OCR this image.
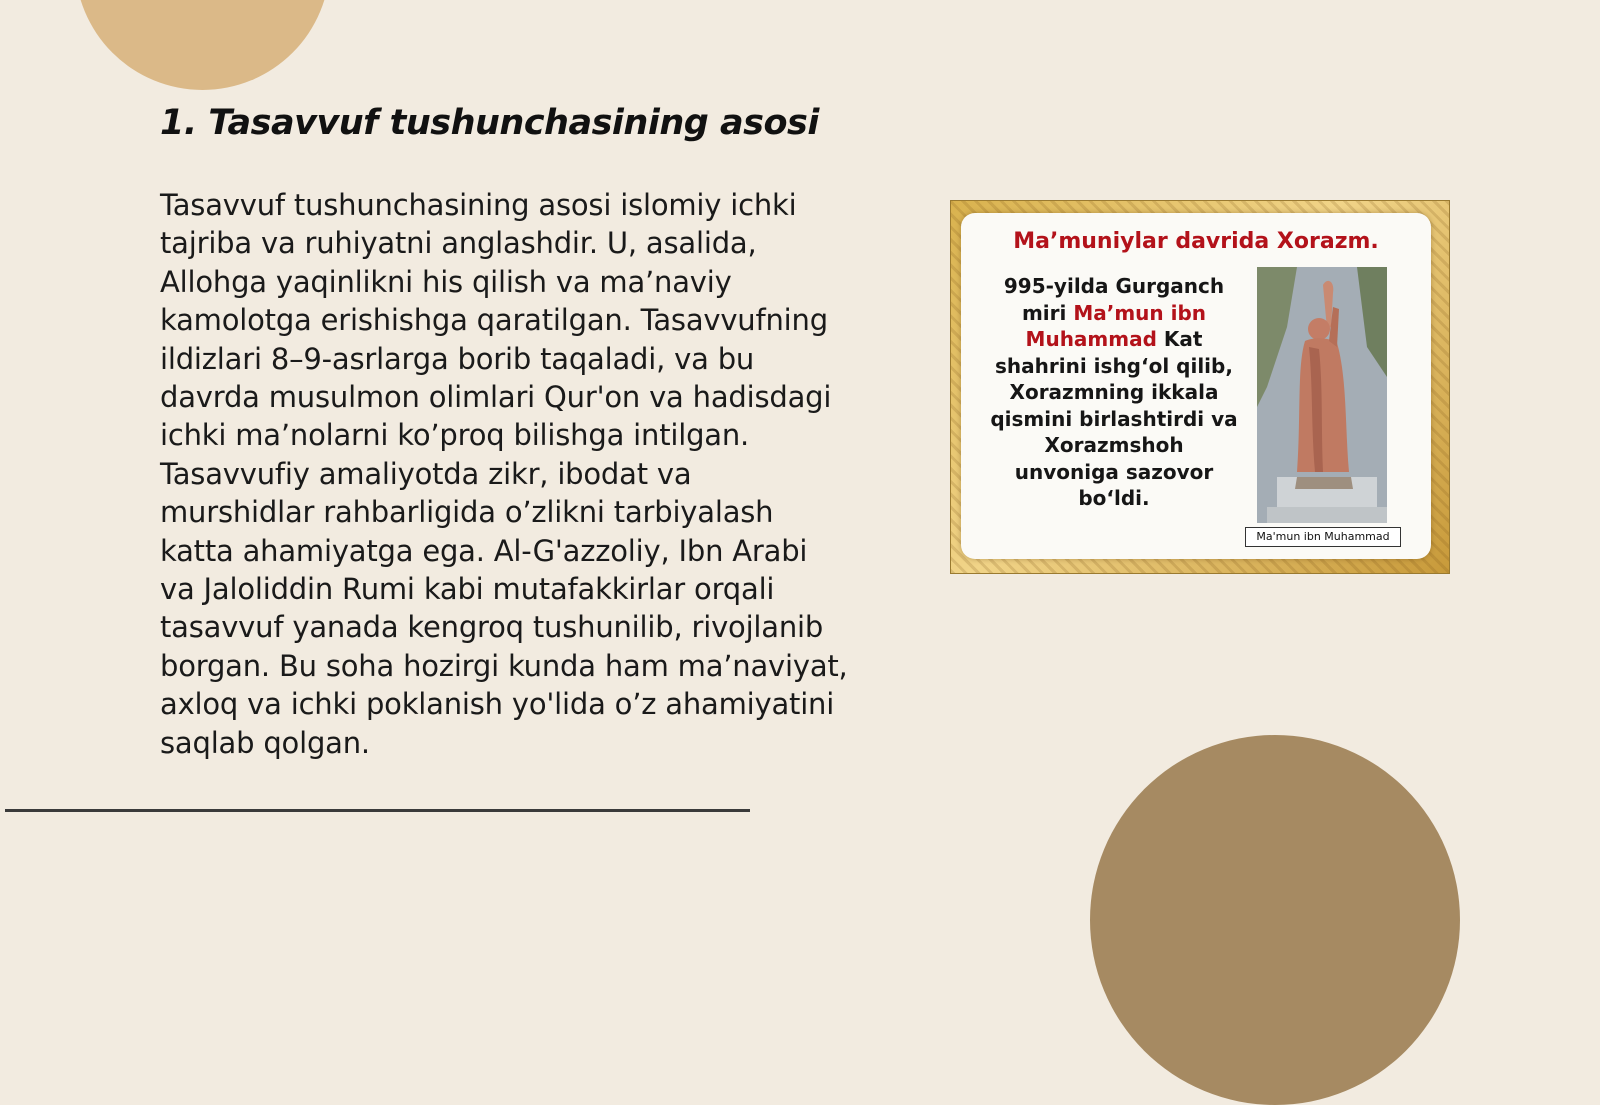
1. Tasavvuf tushunchasining asosi

Tasavvuf tushunchasining asosi islomiy ichki tajriba va ruhiyatni anglashdir. U, asalida, Allohga yaqinlikni his qilish va ma’naviy kamolotga erishishga qaratilgan. Tasavvufning ildizlari 8–9-asrlarga borib taqaladi, va bu davrda musulmon olimlari Qur'on va hadisdagi ichki ma’nolarni ko’proq bilishga intilgan. Tasavvufiy amaliyotda zikr, ibodat va murshidlar rahbarligida o’zlikni tarbiyalash katta ahamiyatga ega. Al-G'azzoliy, Ibn Arabi va Jaloliddin Rumi kabi mutafakkirlar orqali tasavvuf yanada kengroq tushunilib, rivojlanib borgan. Bu soha hozirgi kunda ham ma’naviyat, axloq va ichki poklanish yo'lida o’z ahamiyatini saqlab qolgan.

Ma’muniylar davrida Xorazm.

995-yilda Gurganch miri Ma’mun ibn Muhammad Kat shahrini ishg‘ol qilib, Xorazmning ikkala qismini birlashtirdi va Xorazmshoh unvoniga sazovor bo‘ldi.

Ma'mun ibn Muhammad
